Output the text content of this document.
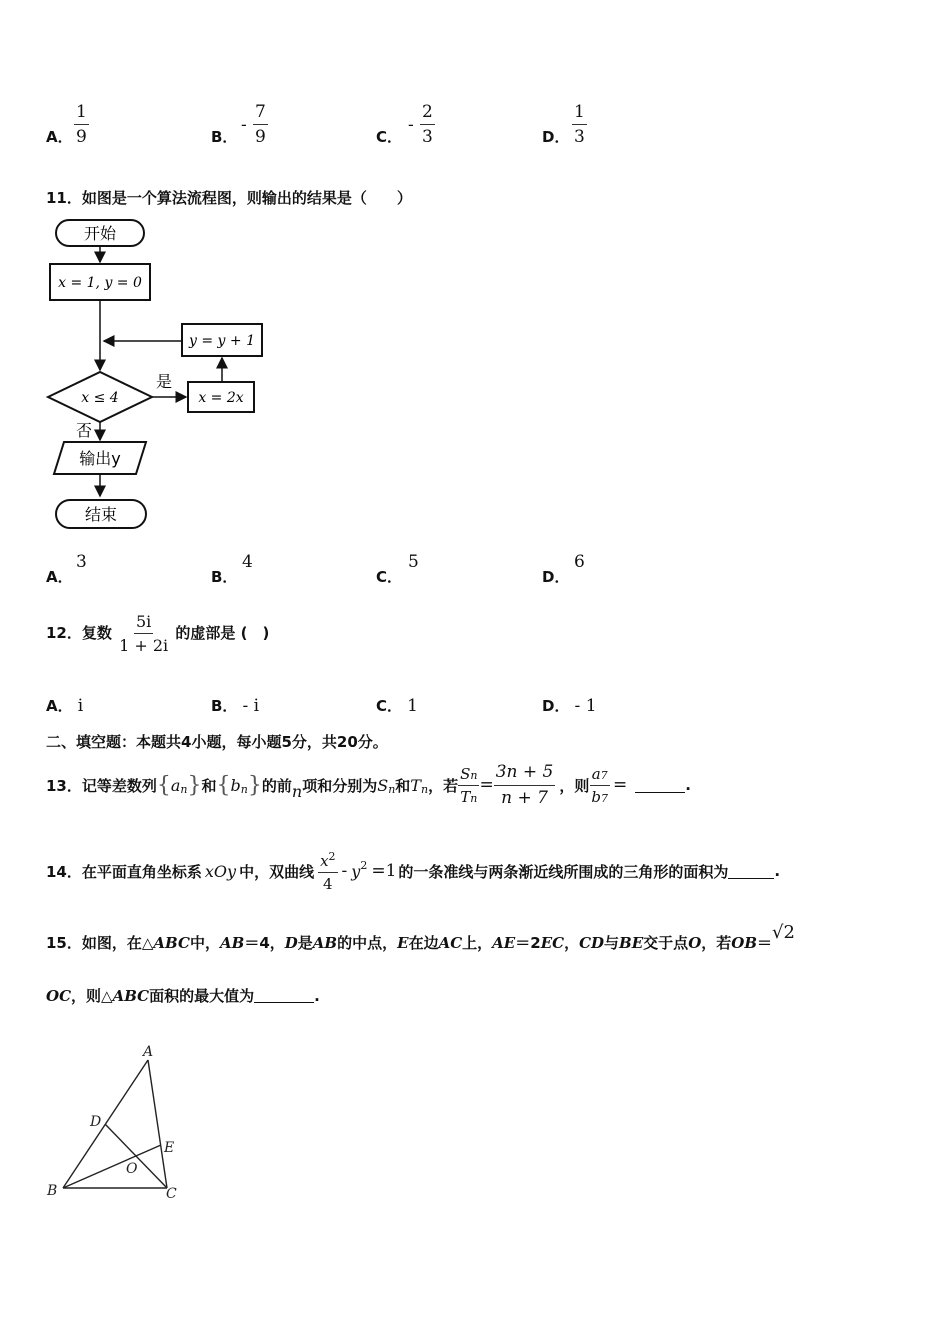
A． $\frac{1}{9}$	B．
- $\frac{7}{9}$	C．
- $\frac{2}{3}$	D． $\frac{1}{3}$
11．如图是一个算法流程图，则输出的结果是（　　）
开始
x = 1, y = 0
y = y + 1
x ≤ 4
是
x = 2x
否
输出y
结束
A．
3
B．
4
C．
5
D．
6
12．复数 $\frac{5i}{1 + 2i}$ 的虚部是 (　)
A． i	B． - i	C． 1	D． - 1
二、填空题：本题共4小题，每小题5分，共20分。
13．记等差数列 { a n } 和 { b n } 的前 n 项和分别为 S n 和 T n ，若 $\frac{Sn}{Tn} = \frac{3n + 5}{n + 7}$ ，则 $\frac{a7}{b7}$ =	.
14．在平面直角坐标系 xOy 中，双曲线 $\frac{x^2}{4} - y^2 =1$ 的一条准线与两条渐近线所围成的三角形的面积为	.
15．如图，在△ ABC 中， AB ＝4， D 是 AB 的中点， E 在边 AC 上， AE ＝2 EC ， CD 与 BE 交于点 O ，若 OB ＝ √2
OC ，则△ ABC 面积的最大值为	.
A
D
E
O
B	C
